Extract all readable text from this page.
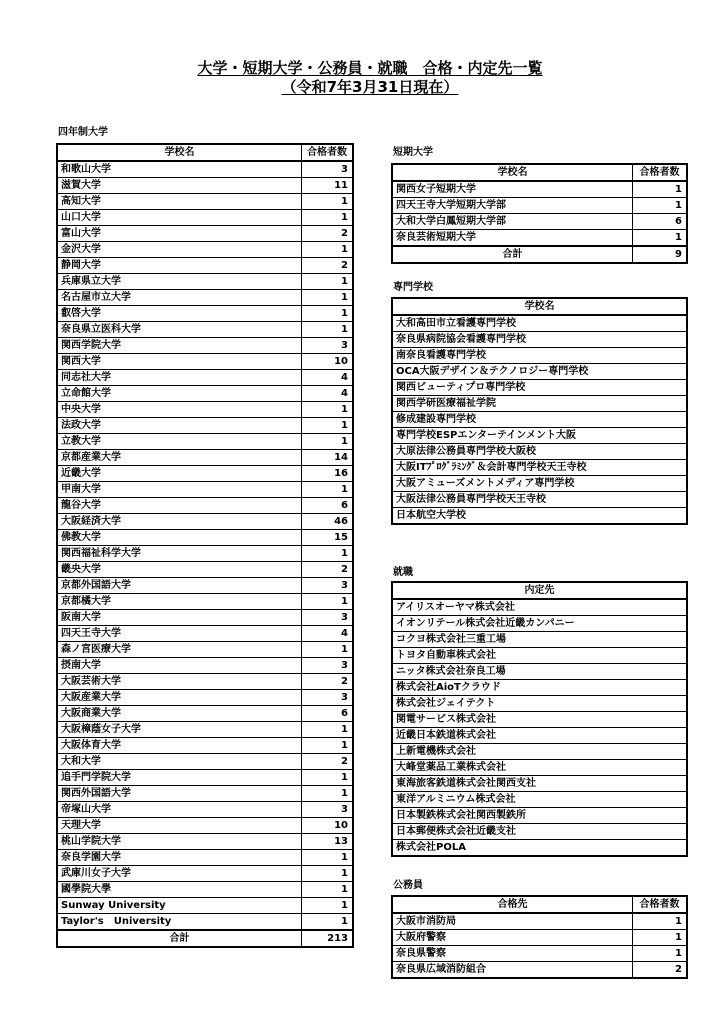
大学・短期大学・公務員・就職　合格・内定先一覧
（令和7年3月31日現在）
四年制大学
学校名	合格者数
和歌山大学	3
滋賀大学	11
高知大学	1
山口大学	1
富山大学	2
金沢大学	1
静岡大学	2
兵庫県立大学	1
名古屋市立大学	1
叡啓大学	1
奈良県立医科大学	1
関西学院大学	3
関西大学	10
同志社大学	4
立命館大学	4
中央大学	1
法政大学	1
立教大学	1
京都産業大学	14
近畿大学	16
甲南大学	1
龍谷大学	6
大阪経済大学	46
佛教大学	15
関西福祉科学大学	1
畿央大学	2
京都外国語大学	3
京都橘大学	1
阪南大学	3
四天王寺大学	4
森ノ宮医療大学	1
摂南大学	3
大阪芸術大学	2
大阪産業大学	3
大阪商業大学	6
大阪樟蔭女子大学	1
大阪体育大学	1
大和大学	2
追手門学院大学	1
関西外国語大学	1
帝塚山大学	3
天理大学	10
桃山学院大学	13
奈良学園大学	1
武庫川女子大学	1
國學院大學	1
Sunway University	1
Taylor's　University	1
合計	213
短期大学
学校名	合格者数
関西女子短期大学	1
四天王寺大学短期大学部	1
大和大学白鳳短期大学部	6
奈良芸術短期大学	1
合計	9
専門学校
学校名
大和高田市立看護専門学校
奈良県病院協会看護専門学校
南奈良看護専門学校
OCA大阪デザイン＆テクノロジー専門学校
関西ビューティプロ専門学校
関西学研医療福祉学院
修成建設専門学校
専門学校ESPエンターテインメント大阪
大原法律公務員専門学校大阪校
大阪ITﾌﾟﾛｸﾞﾗﾐﾝｸﾞ＆会計専門学校天王寺校
大阪アミューズメントメディア専門学校
大阪法律公務員専門学校天王寺校
日本航空大学校
就職
内定先
アイリスオーヤマ株式会社
イオンリテール株式会社近畿カンパニー
コクヨ株式会社三重工場
トヨタ自動車株式会社
ニッタ株式会社奈良工場
株式会社AioTクラウド
株式会社ジェイテクト
関電サービス株式会社
近畿日本鉄道株式会社
上新電機株式会社
大峰堂薬品工業株式会社
東海旅客鉄道株式会社関西支社
東洋アルミニウム株式会社
日本製鉄株式会社関西製鉄所
日本郵便株式会社近畿支社
株式会社POLA
公務員
合格先	合格者数
大阪市消防局	1
大阪府警察	1
奈良県警察	1
奈良県広域消防組合	2
